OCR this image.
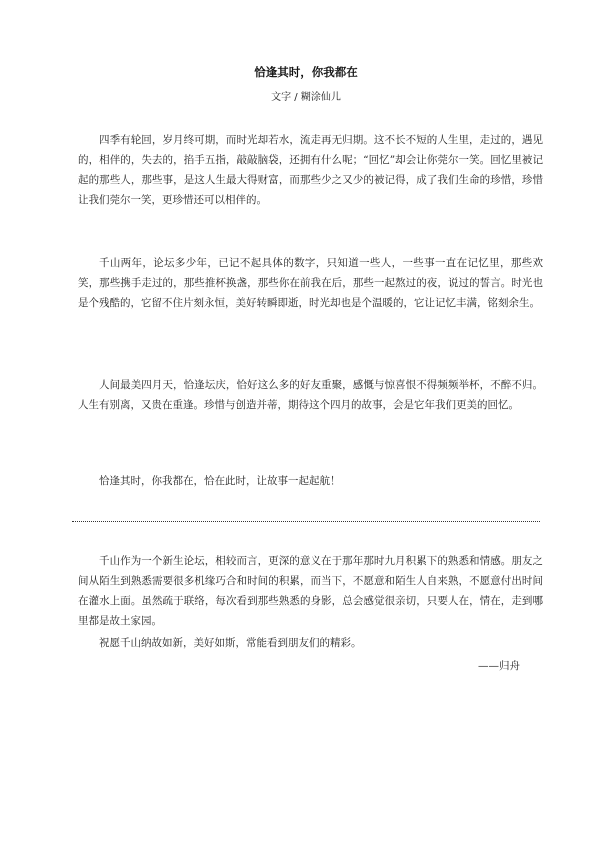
恰逢其时，你我都在
文字 / 糊涂仙儿

四季有轮回，岁月终可期，而时光却若水，流走再无归期。这不长不短的人生里，走过的，遇见的，相伴的，失去的，掐手五指，敲敲脑袋，还拥有什么呢；“回忆”却会让你莞尔一笑。回忆里被记起的那些人，那些事，是这人生最大得财富，而那些少之又少的被记得，成了我们生命的珍惜，珍惜让我们莞尔一笑，更珍惜还可以相伴的。

千山两年，论坛多少年，已记不起具体的数字，只知道一些人，一些事一直在记忆里，那些欢笑，那些携手走过的，那些推杯换盏，那些你在前我在后，那些一起熬过的夜，说过的誓言。时光也是个残酷的，它留不住片刻永恒，美好转瞬即逝，时光却也是个温暖的，它让记忆丰满，铭刻余生。

人间最美四月天，恰逢坛庆，恰好这么多的好友重聚，感慨与惊喜恨不得频频举杯，不醉不归。人生有别离，又贵在重逢。珍惜与创造并蒂，期待这个四月的故事，会是它年我们更美的回忆。

恰逢其时，你我都在，恰在此时，让故事一起起航！

千山作为一个新生论坛，相较而言，更深的意义在于那年那时九月积累下的熟悉和情感。朋友之间从陌生到熟悉需要很多机缘巧合和时间的积累，而当下，不愿意和陌生人自来熟，不愿意付出时间在灌水上面。虽然疏于联络，每次看到那些熟悉的身影，总会感觉很亲切，只要人在，情在，走到哪里都是故土家园。

祝愿千山纳故如新，美好如斯，常能看到朋友们的精彩。

——归舟
